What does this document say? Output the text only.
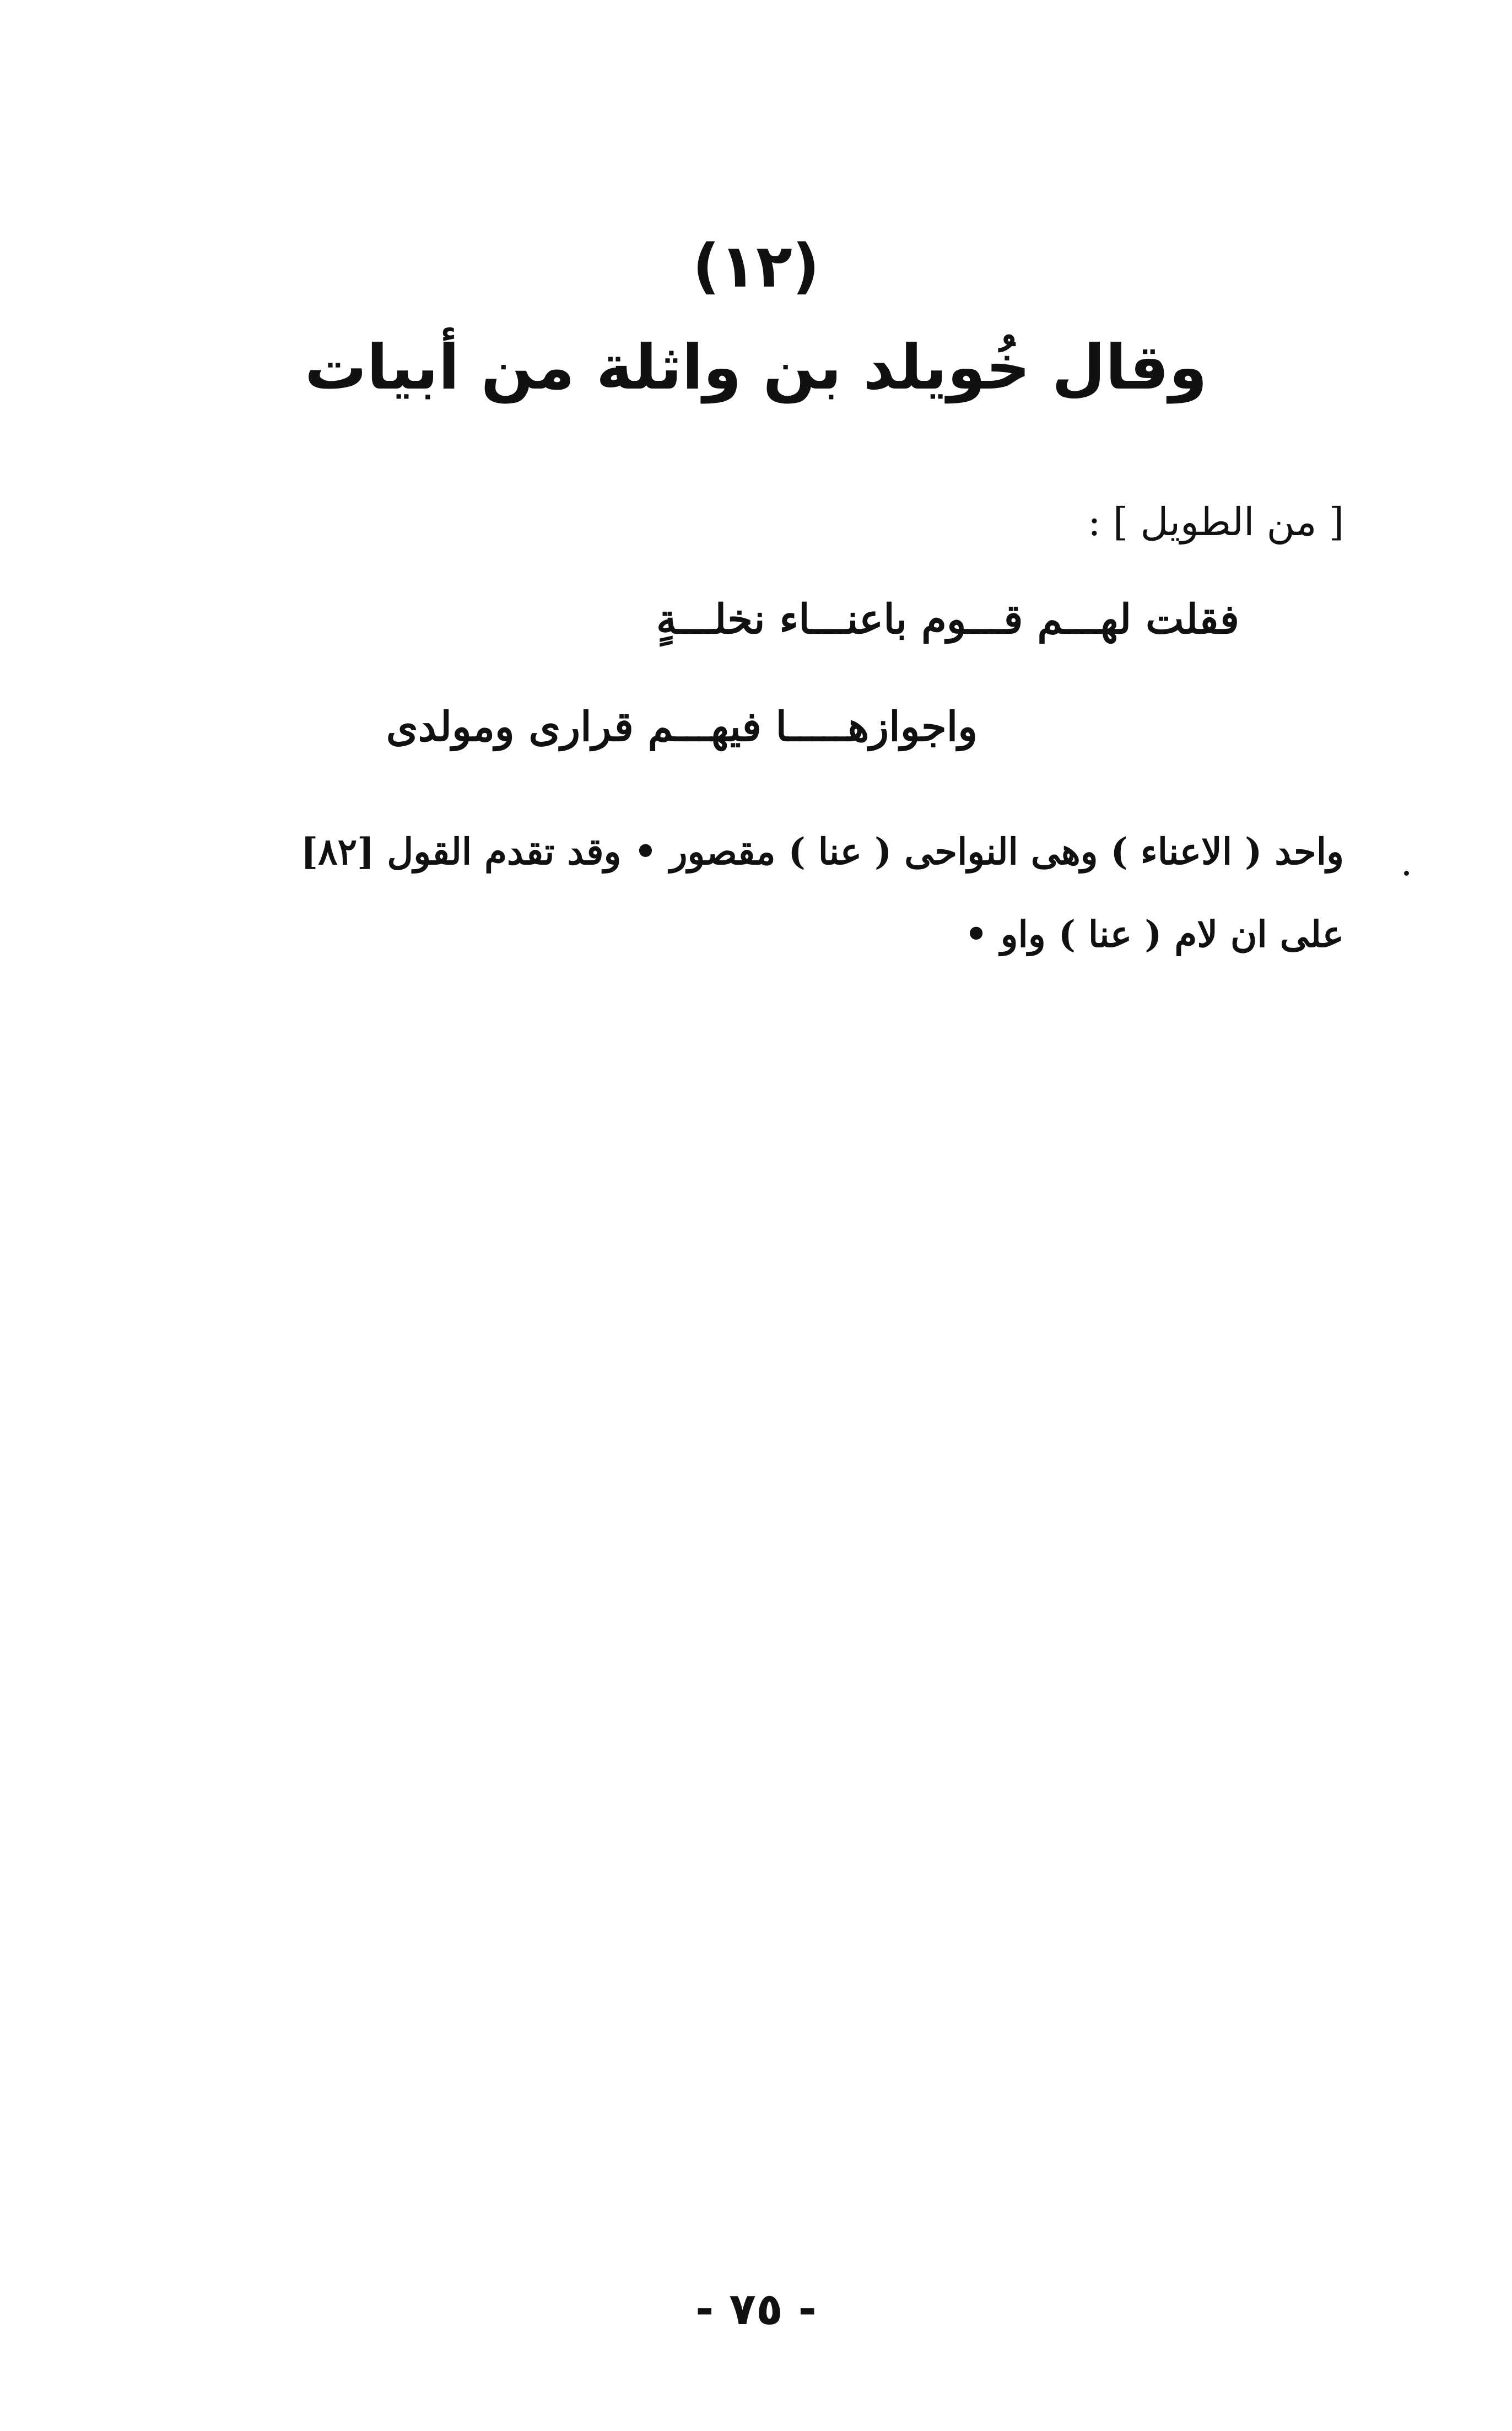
(١٢)
وقال خُويلد بن واثلة من أبيات
[ من الطويل ] :
فقلت لهـــم قـــوم باعنـــاء نخلـــةٍ
واجوازهـــــا فيهـــم قرارى ومولدى

واحد ( الاعناء ) وهى النواحى ( عنا ) مقصور • وقد تقدم القول [٨٢]

على ان لام ( عنا ) واو •

- ٧٥ -
